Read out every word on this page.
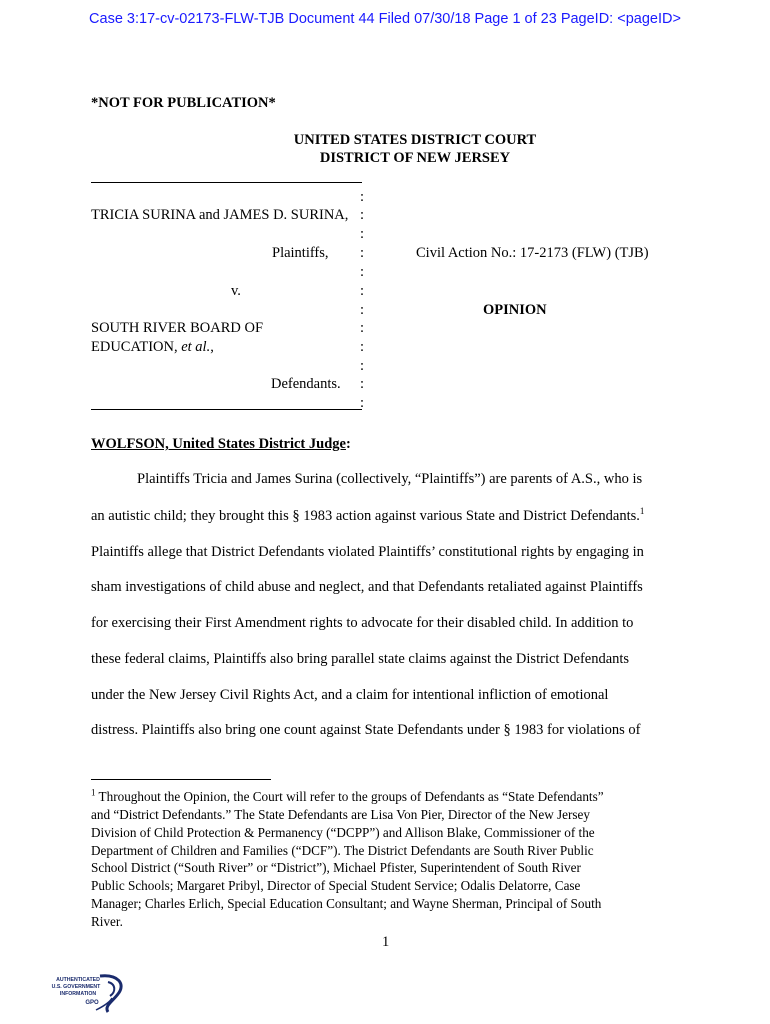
Case 3:17-cv-02173-FLW-TJB Document 44 Filed 07/30/18 Page 1 of 23 PageID: <pageID>
*NOT FOR PUBLICATION*
UNITED STATES DISTRICT COURT
DISTRICT OF NEW JERSEY
:
TRICIA SURINA and JAMES D. SURINA, :
:
Plaintiffs, :	Civil Action No.: 17-2173 (FLW) (TJB)
:
v.	:
:	OPINION
SOUTH RIVER BOARD OF	:
EDUCATION, et al.,	:
:
Defendants. :
:
WOLFSON, United States District Judge:
Plaintiffs Tricia and James Surina (collectively, “Plaintiffs”) are parents of A.S., who is
an autistic child; they brought this § 1983 action against various State and District Defendants.$^1$
Plaintiffs allege that District Defendants violated Plaintiffs’ constitutional rights by engaging in
sham investigations of child abuse and neglect, and that Defendants retaliated against Plaintiffs
for exercising their First Amendment rights to advocate for their disabled child. In addition to
these federal claims, Plaintiffs also bring parallel state claims against the District Defendants
under the New Jersey Civil Rights Act, and a claim for intentional infliction of emotional
distress. Plaintiffs also bring one count against State Defendants under § 1983 for violations of
$^1$ Throughout the Opinion, the Court will refer to the groups of Defendants as “State Defendants”
and “District Defendants.” The State Defendants are Lisa Von Pier, Director of the New Jersey
Division of Child Protection & Permanency (“DCPP”) and Allison Blake, Commissioner of the
Department of Children and Families (“DCF”). The District Defendants are South River Public
School District (“South River” or “District”), Michael Pfister, Superintendent of South River
Public Schools; Margaret Pribyl, Director of Special Student Service; Odalis Delatorre, Case
Manager; Charles Erlich, Special Education Consultant; and Wayne Sherman, Principal of South
River.
1
AUTHENTICATED
U.S. GOVERNMENT
INFORMATION
GPO
